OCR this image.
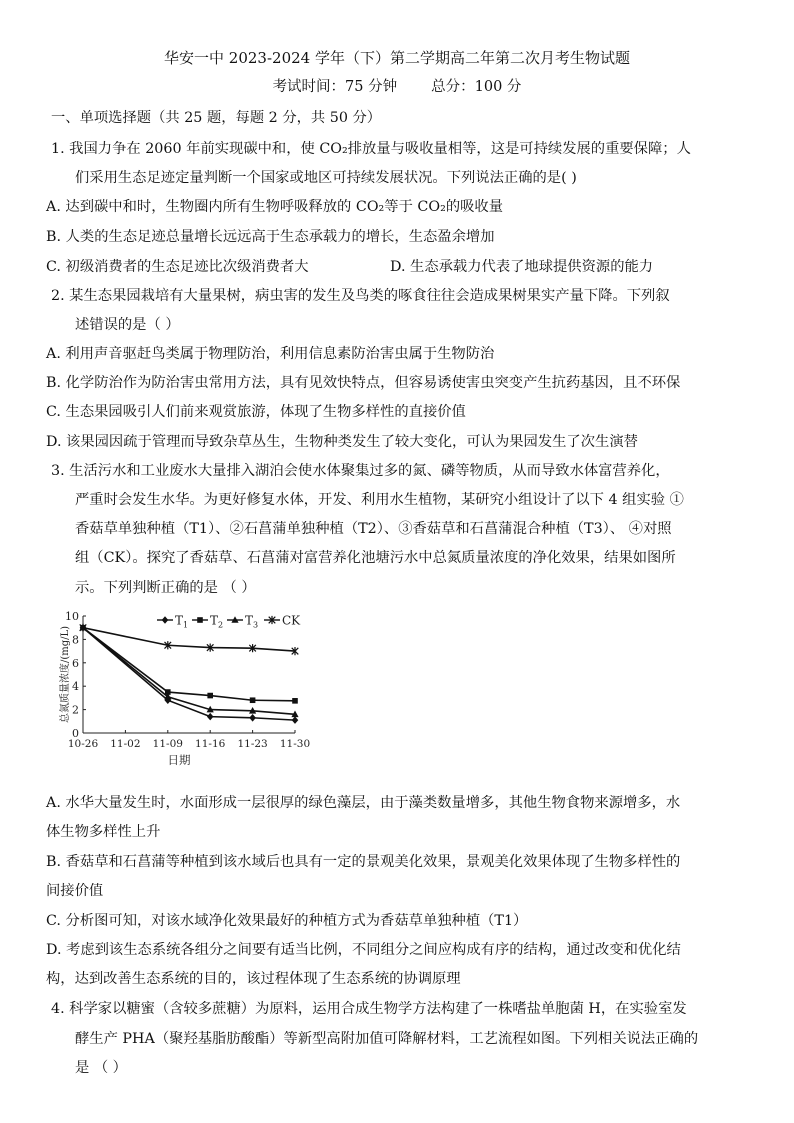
华安一中 2023-2024 学年（下）第二学期高二年第二次月考生物试题
考试时间：75 分钟 总分：100 分
一、单项选择题（共 25 题，每题 2 分，共 50 分）
1. 我国力争在 2060 年前实现碳中和，使 CO₂排放量与吸收量相等，这是可持续发展的重要保障；人
们采用生态足迹定量判断一个国家或地区可持续发展状况。下列说法正确的是( )
A. 达到碳中和时，生物圈内所有生物呼吸释放的 CO₂等于 CO₂的吸收量
B. 人类的生态足迹总量增长远远高于生态承载力的增长，生态盈余增加
C. 初级消费者的生态足迹比次级消费者大	D. 生态承载力代表了地球提供资源的能力
2. 某生态果园栽培有大量果树，病虫害的发生及鸟类的啄食往往会造成果树果实产量下降。下列叙
述错误的是（ ）
A. 利用声音驱赶鸟类属于物理防治，利用信息素防治害虫属于生物防治
B. 化学防治作为防治害虫常用方法，具有见效快特点，但容易诱使害虫突变产生抗药基因，且不环保
C. 生态果园吸引人们前来观赏旅游，体现了生物多样性的直接价值
D. 该果园因疏于管理而导致杂草丛生，生物种类发生了较大变化，可认为果园发生了次生演替
3. 生活污水和工业废水大量排入湖泊会使水体聚集过多的氮、磷等物质，从而导致水体富营养化，
严重时会发生水华。为更好修复水体，开发、利用水生植物，某研究小组设计了以下 4 组实验 ①
香菇草单独种植（T1）、②石菖蒲单独种植（T2）、③香菇草和石菖蒲混合种植（T3）、 ④对照
组（CK）。探究了香菇草、石菖蒲对富营养化池塘污水中总氮质量浓度的净化效果，结果如图所
示。下列判断正确的是 （ ）
0
2
4
6
8
10
10-26 11-02 11-09 11-16 11-23 11-30
日期
总氮质量浓度/(mg/L)
$T_1$ $T_2$ $T_3$ CK
A. 水华大量发生时，水面形成一层很厚的绿色藻层，由于藻类数量增多，其他生物食物来源增多，水
体生物多样性上升
B. 香菇草和石菖蒲等种植到该水域后也具有一定的景观美化效果，景观美化效果体现了生物多样性的
间接价值
C. 分析图可知，对该水域净化效果最好的种植方式为香菇草单独种植（T1）
D. 考虑到该生态系统各组分之间要有适当比例，不同组分之间应构成有序的结构，通过改变和优化结
构，达到改善生态系统的目的，该过程体现了生态系统的协调原理
4. 科学家以糖蜜（含较多蔗糖）为原料，运用合成生物学方法构建了一株嗜盐单胞菌 H，在实验室发
酵生产 PHA（聚羟基脂肪酸酯）等新型高附加值可降解材料，工艺流程如图。下列相关说法正确的
是 （ ）
